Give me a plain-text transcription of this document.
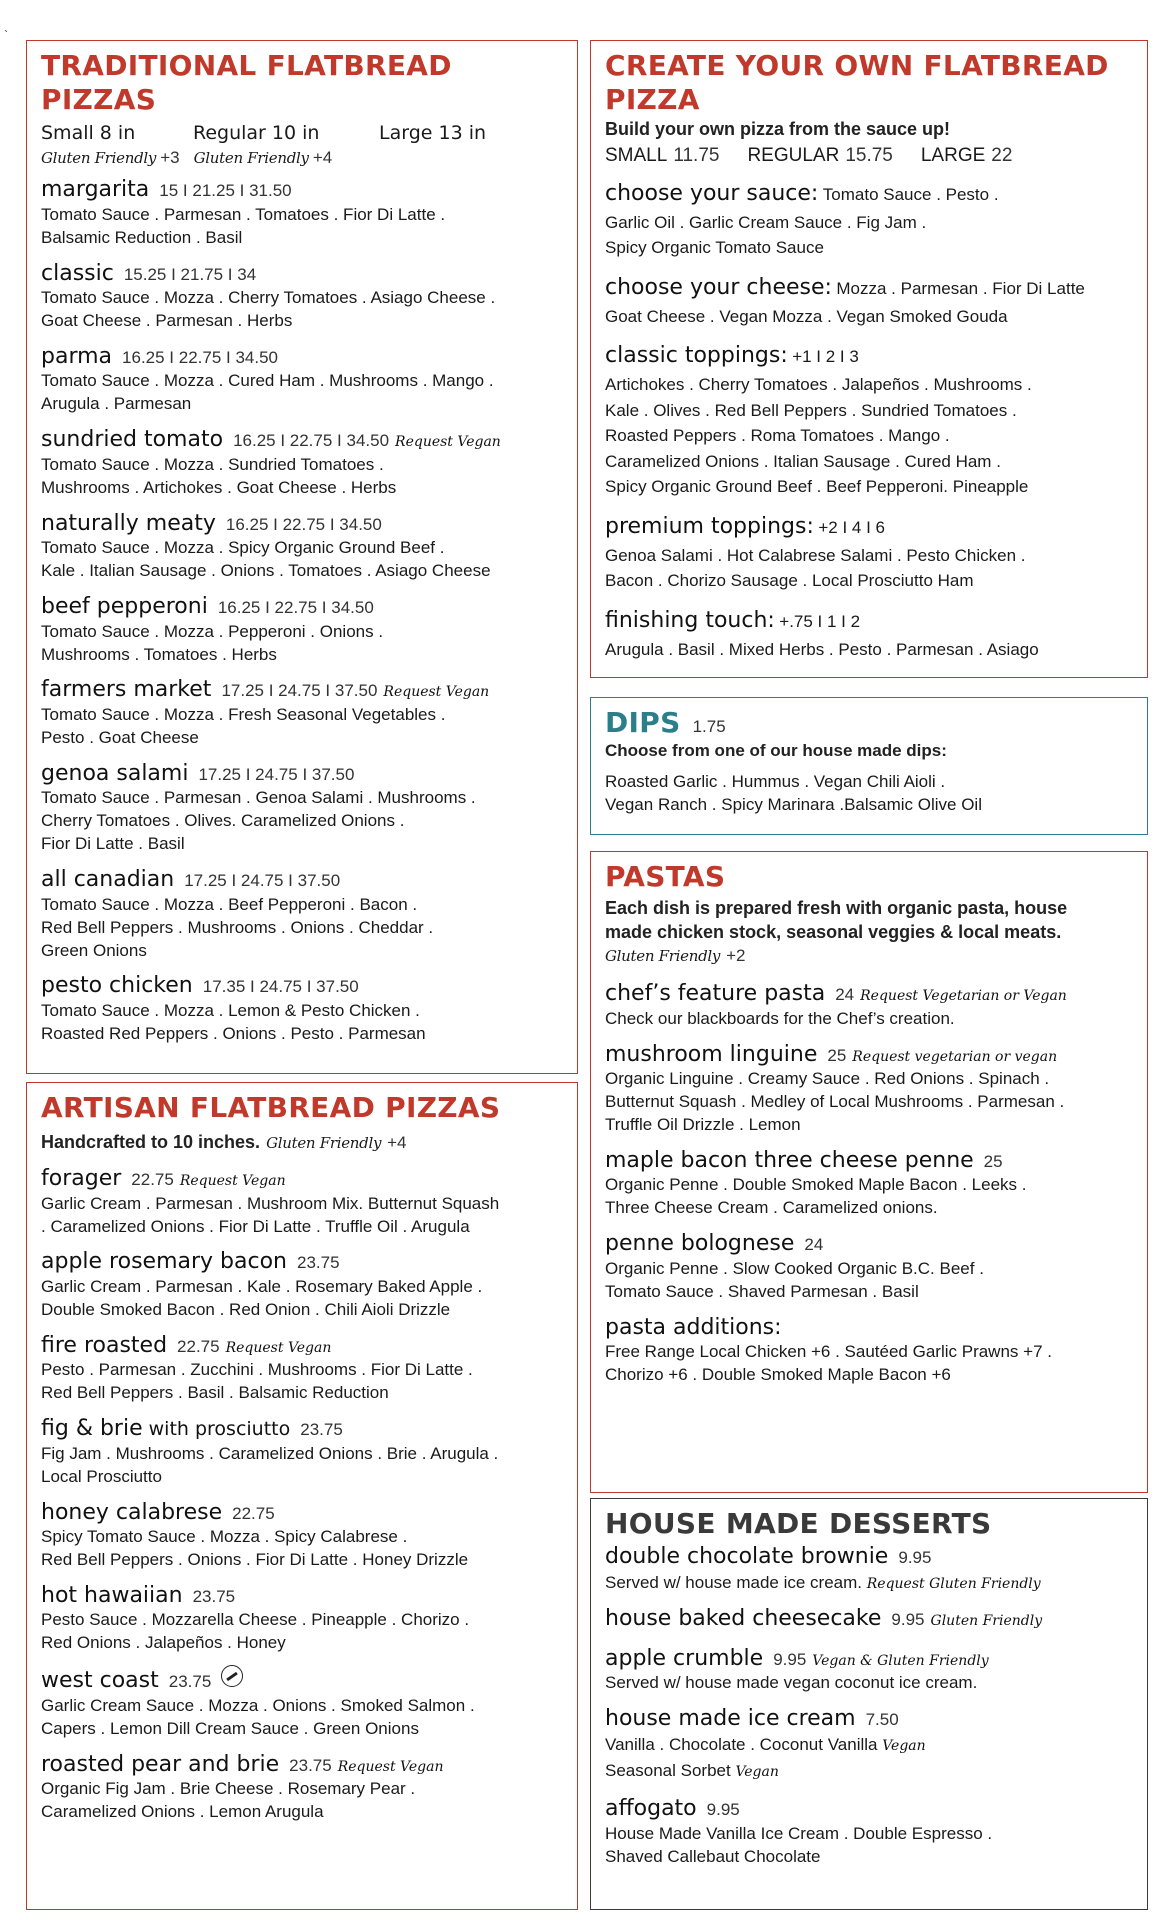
`
TRADITIONAL FLATBREAD PIZZAS
Small 8 in	Regular 10 in	Large 13 in
Gluten Friendly +3 Gluten Friendly +4
margarita 15 I 21.25 I 31.50
Tomato Sauce . Parmesan . Tomatoes . Fior Di Latte .
Balsamic Reduction . Basil
classic 15.25 I 21.75 I 34
Tomato Sauce . Mozza . Cherry Tomatoes . Asiago Cheese .
Goat Cheese . Parmesan . Herbs
parma 16.25 I 22.75 I 34.50
Tomato Sauce . Mozza . Cured Ham . Mushrooms . Mango .
Arugula . Parmesan
sundried tomato 16.25 I 22.75 I 34.50 Request Vegan
Tomato Sauce . Mozza . Sundried Tomatoes .
Mushrooms . Artichokes . Goat Cheese . Herbs
naturally meaty 16.25 I 22.75 I 34.50
Tomato Sauce . Mozza . Spicy Organic Ground Beef .
Kale . Italian Sausage . Onions . Tomatoes . Asiago Cheese
beef pepperoni 16.25 I 22.75 I 34.50
Tomato Sauce . Mozza . Pepperoni . Onions .
Mushrooms . Tomatoes . Herbs
farmers market 17.25 I 24.75 I 37.50 Request Vegan
Tomato Sauce . Mozza . Fresh Seasonal Vegetables .
Pesto . Goat Cheese
genoa salami 17.25 I 24.75 I 37.50
Tomato Sauce . Parmesan . Genoa Salami . Mushrooms .
Cherry Tomatoes . Olives. Caramelized Onions .
Fior Di Latte . Basil
all canadian 17.25 I 24.75 I 37.50
Tomato Sauce . Mozza . Beef Pepperoni . Bacon .
Red Bell Peppers . Mushrooms . Onions . Cheddar .
Green Onions
pesto chicken 17.35 I 24.75 I 37.50
Tomato Sauce . Mozza . Lemon & Pesto Chicken .
Roasted Red Peppers . Onions . Pesto . Parmesan
ARTISAN FLATBREAD PIZZAS
Handcrafted to 10 inches. Gluten Friendly +4
forager 22.75 Request Vegan
Garlic Cream . Parmesan . Mushroom Mix. Butternut Squash
. Caramelized Onions . Fior Di Latte . Truffle Oil . Arugula
apple rosemary bacon 23.75
Garlic Cream . Parmesan . Kale . Rosemary Baked Apple .
Double Smoked Bacon . Red Onion . Chili Aioli Drizzle
fire roasted 22.75 Request Vegan
Pesto . Parmesan . Zucchini . Mushrooms . Fior Di Latte .
Red Bell Peppers . Basil . Balsamic Reduction
fig & brie with prosciutto 23.75
Fig Jam . Mushrooms . Caramelized Onions . Brie . Arugula .
Local Prosciutto
honey calabrese 22.75
Spicy Tomato Sauce . Mozza . Spicy Calabrese .
Red Bell Peppers . Onions . Fior Di Latte . Honey Drizzle
hot hawaiian 23.75
Pesto Sauce . Mozzarella Cheese . Pineapple . Chorizo .
Red Onions . Jalapeños . Honey
west coast 23.75
Garlic Cream Sauce . Mozza . Onions . Smoked Salmon .
Capers . Lemon Dill Cream Sauce . Green Onions
roasted pear and brie 23.75 Request Vegan
Organic Fig Jam . Brie Cheese . Rosemary Pear .
Caramelized Onions . Lemon Arugula
CREATE YOUR OWN FLATBREAD PIZZA
Build your own pizza from the sauce up!
SMALL 11.75 REGULAR 15.75 LARGE 22
choose your sauce: Tomato Sauce . Pesto .
Garlic Oil . Garlic Cream Sauce . Fig Jam .
Spicy Organic Tomato Sauce
choose your cheese: Mozza . Parmesan . Fior Di Latte
Goat Cheese . Vegan Mozza . Vegan Smoked Gouda
classic toppings: +1 I 2 I 3
Artichokes . Cherry Tomatoes . Jalapeños . Mushrooms .
Kale . Olives . Red Bell Peppers . Sundried Tomatoes .
Roasted Peppers . Roma Tomatoes . Mango .
Caramelized Onions . Italian Sausage . Cured Ham .
Spicy Organic Ground Beef . Beef Pepperoni. Pineapple
premium toppings: +2 I 4 I 6
Genoa Salami . Hot Calabrese Salami . Pesto Chicken .
Bacon . Chorizo Sausage . Local Prosciutto Ham
finishing touch: +.75 I 1 I 2
Arugula . Basil . Mixed Herbs . Pesto . Parmesan . Asiago
DIPS 1.75
Choose from one of our house made dips:
Roasted Garlic . Hummus . Vegan Chili Aioli .
Vegan Ranch . Spicy Marinara .Balsamic Olive Oil
PASTAS
Each dish is prepared fresh with organic pasta, house
made chicken stock, seasonal veggies & local meats.
Gluten Friendly +2
chef’s feature pasta 24 Request Vegetarian or Vegan
Check our blackboards for the Chef’s creation.
mushroom linguine 25 Request vegetarian or vegan
Organic Linguine . Creamy Sauce . Red Onions . Spinach .
Butternut Squash . Medley of Local Mushrooms . Parmesan .
Truffle Oil Drizzle . Lemon
maple bacon three cheese penne 25
Organic Penne . Double Smoked Maple Bacon . Leeks .
Three Cheese Cream . Caramelized onions.
penne bolognese 24
Organic Penne . Slow Cooked Organic B.C. Beef .
Tomato Sauce . Shaved Parmesan . Basil
pasta additions:
Free Range Local Chicken +6 . Sautéed Garlic Prawns +7 .
Chorizo +6 . Double Smoked Maple Bacon +6
HOUSE MADE DESSERTS
double chocolate brownie 9.95
Served w/ house made ice cream. Request Gluten Friendly
house baked cheesecake 9.95 Gluten Friendly
apple crumble 9.95 Vegan & Gluten Friendly
Served w/ house made vegan coconut ice cream.
house made ice cream 7.50
Vanilla . Chocolate . Coconut Vanilla Vegan
Seasonal Sorbet Vegan
affogato 9.95
House Made Vanilla Ice Cream . Double Espresso .
Shaved Callebaut Chocolate
